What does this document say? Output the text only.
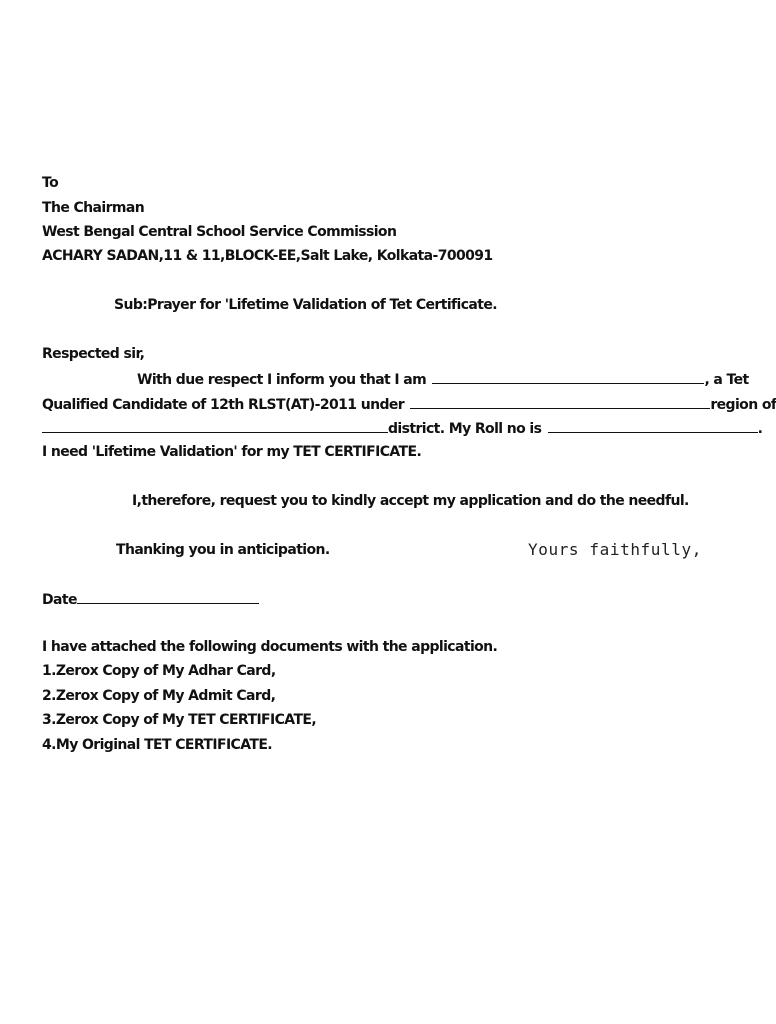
To
The Chairman
West Bengal Central School Service Commission
ACHARY SADAN,11 & 11,BLOCK-EE,Salt Lake, Kolkata-700091
Sub:Prayer for 'Lifetime Validation of Tet Certificate.
Respected sir,
With due respect I inform you that I am	, a Tet
Qualified Candidate of 12th RLST(AT)-2011 under	region of
district. My Roll no is	.
I need 'Lifetime Validation' for my TET CERTIFICATE.
I,therefore, request you to kindly accept my application and do the needful.
Thanking you in anticipation.	Yours faithfully,
Date
I have attached the following documents with the application.
1.Zerox Copy of My Adhar Card,
2.Zerox Copy of My Admit Card,
3.Zerox Copy of My TET CERTIFICATE,
4.My Original TET CERTIFICATE.
